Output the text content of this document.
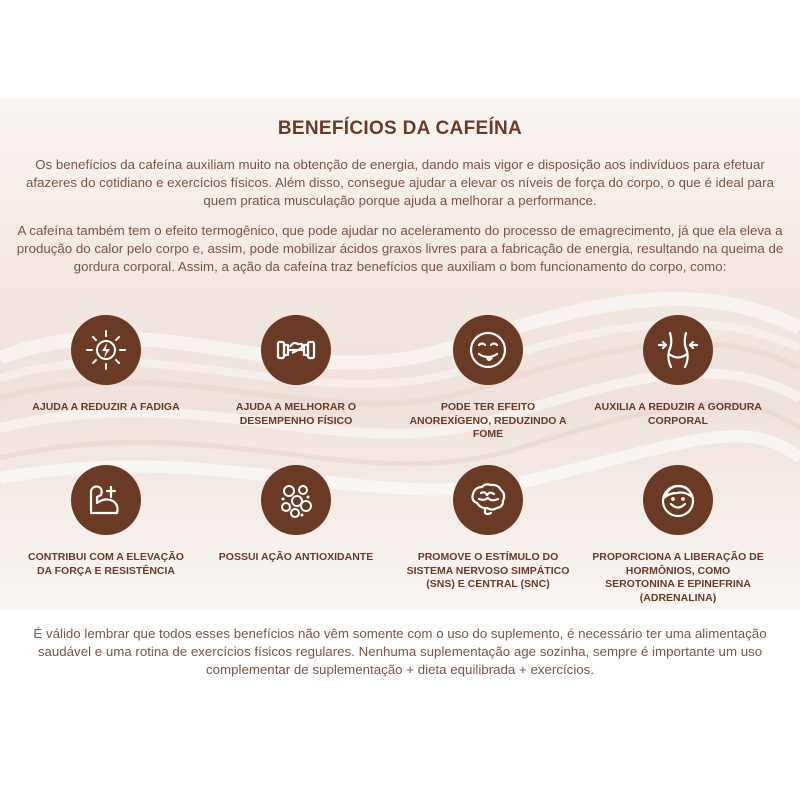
BENEFÍCIOS DA CAFEÍNA

Os benefícios da cafeína auxiliam muito na obtenção de energia, dando mais vigor e disposição aos indivíduos para efetuar afazeres do cotidiano e exercícios físicos. Além disso, consegue ajudar a elevar os níveis de força do corpo, o que é ideal para quem pratica musculação porque ajuda a melhorar a performance.

A cafeína também tem o efeito termogênico, que pode ajudar no aceleramento do processo de emagrecimento, já que ela eleva a produção do calor pelo corpo e, assim, pode mobilizar ácidos graxos livres para a fabricação de energia, resultando na queima de gordura corporal. Assim, a ação da cafeína traz benefícios que auxiliam o bom funcionamento do corpo, como:

AJUDA A REDUZIR A FADIGA	AJUDA A MELHORAR O DESEMPENHO FÍSICO
PODE TER EFEITO ANOREXÍGENO, REDUZINDO A FOME
AUXILIA A REDUZIR A GORDURA CORPORAL
CONTRIBUI COM A ELEVAÇÃO DA FORÇA E RESISTÊNCIA
POSSUI AÇÃO ANTIOXIDANTE	PROMOVE O ESTÍMULO DO SISTEMA NERVOSO SIMPÁTICO (SNS) E CENTRAL (SNC)
PROPORCIONA A LIBERAÇÃO DE HORMÔNIOS, COMO SEROTONINA E EPINEFRINA (ADRENALINA)

É válido lembrar que todos esses benefícios não vêm somente com o uso do suplemento, é necessário ter uma alimentação saudável e uma rotina de exercícios físicos regulares. Nenhuma suplementação age sozinha, sempre é importante um uso complementar de suplementação + dieta equilibrada + exercícios.
